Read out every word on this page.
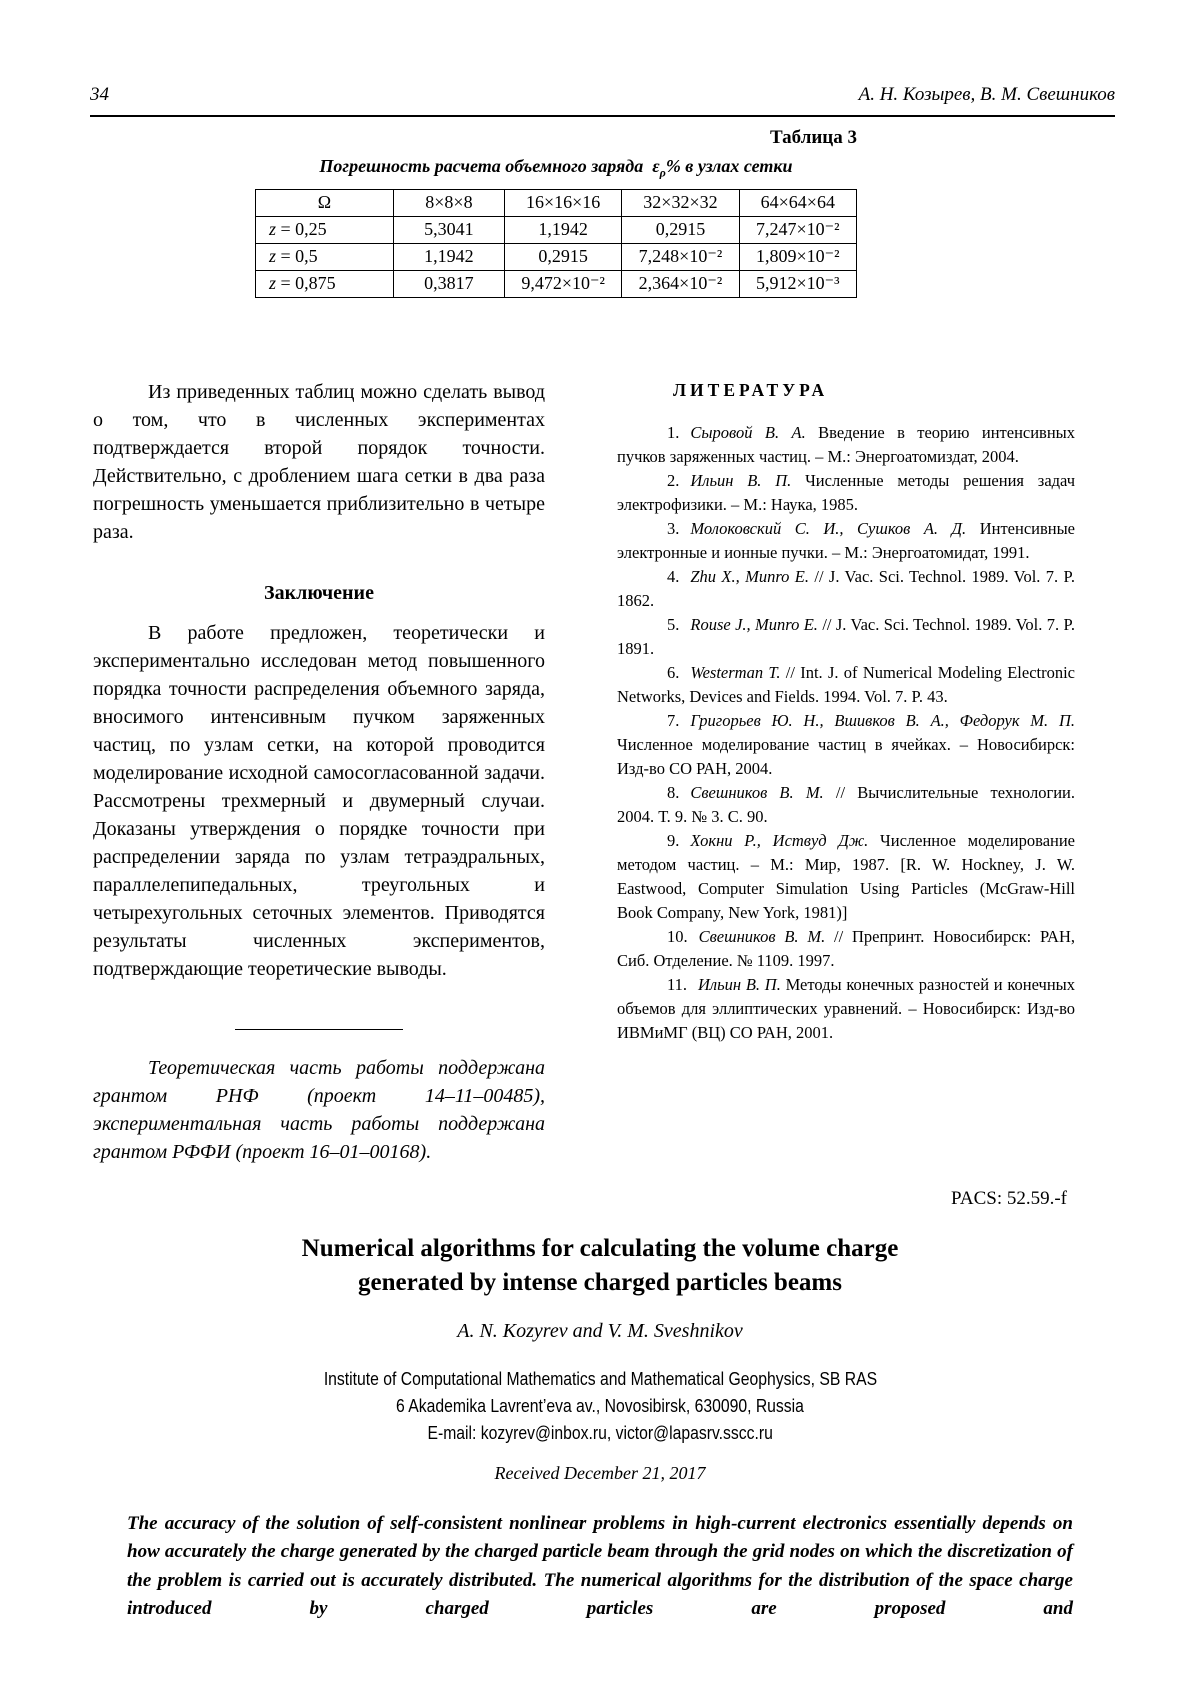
34	А. Н. Козырев, В. М. Свешников
Таблица 3
Погрешность расчета объемного заряда $\varepsilon_\rho\%$ в узлах сетки
Ω	8×8×8	16×16×16	32×32×32	64×64×64
z = 0,25	5,3041	1,1942	0,2915	7,247×10⁻²
z = 0,5	1,1942	0,2915	7,248×10⁻²	1,809×10⁻²
z = 0,875	0,3817	9,472×10⁻²	2,364×10⁻²	5,912×10⁻³

Из приведенных таблиц можно сделать вывод о том, что в численных экспериментах подтверждается второй порядок точности. Действительно, с дроблением шага сетки в два раза погрешность уменьшается приблизительно в четыре раза.

Заключение

В работе предложен, теоретически и экспериментально исследован метод повышенного порядка точности распределения объемного заряда, вносимого интенсивным пучком заряженных частиц, по узлам сетки, на которой проводится моделирование исходной самосогласованной задачи. Рассмотрены трехмерный и двумерный случаи. Доказаны утверждения о порядке точности при распределении заряда по узлам тетраэдральных, параллелепипедальных, треугольных и четырехугольных сеточных элементов. Приводятся результаты численных экспериментов, подтверждающие теоретические выводы.

Теоретическая часть работы поддержана грантом РНФ (проект 14–11–00485), экспериментальная часть работы поддержана грантом РФФИ (проект 16–01–00168).

ЛИТЕРАТУРА

1. Сыровой В. А. Введение в теорию интенсивных пучков заряженных частиц. – М.: Энергоатомиздат, 2004.

2. Ильин В. П. Численные методы решения задач электрофизики. – М.: Наука, 1985.

3. Молоковский С. И., Сушков А. Д. Интенсивные электронные и ионные пучки. – М.: Энергоатомидат, 1991.

4. Zhu X., Munro E. // J. Vac. Sci. Technol. 1989. Vol. 7. P. 1862.

5. Rouse J., Munro E. // J. Vac. Sci. Technol. 1989. Vol. 7. P. 1891.

6. Westerman T. // Int. J. of Numerical Modeling Electronic Networks, Devices and Fields. 1994. Vol. 7. P. 43.

7. Григорьев Ю. Н., Вшивков В. А., Федорук М. П. Численное моделирование частиц в ячейках. – Новосибирск: Изд-во СО РАН, 2004.

8. Свешников В. М. // Вычислительные технологии. 2004. Т. 9. № 3. С. 90.

9. Хокни Р., Иствуд Дж. Численное моделирование методом частиц. – М.: Мир, 1987. [R. W. Hockney, J. W. Eastwood, Computer Simulation Using Particles (McGraw-Hill Book Company, New York, 1981)]

10. Свешников В. М. // Препринт. Новосибирск: РАН, Сиб. Отделение. № 1109. 1997.

11. Ильин В. П. Методы конечных разностей и конечных объемов для эллиптических уравнений. – Новосибирск: Изд-во ИВМиМГ (ВЦ) СО РАН, 2001.

PACS: 52.59.-f
Numerical algorithms for calculating the volume charge
generated by intense charged particles beams
A. N. Kozyrev and V. M. Sveshnikov
Institute of Computational Mathematics and Mathematical Geophysics, SB RAS
6 Akademika Lavrent’eva av., Novosibirsk, 630090, Russia
E-mail: kozyrev@inbox.ru, victor@lapasrv.sscc.ru
Received December 21, 2017
The accuracy of the solution of self-consistent nonlinear problems in high-current electronics essentially depends on how accurately the charge generated by the charged particle beam through the grid nodes on which the discretization of the problem is carried out is accurately distributed. The numerical algorithms for the distribution of the space charge introduced by charged particles are proposed and
